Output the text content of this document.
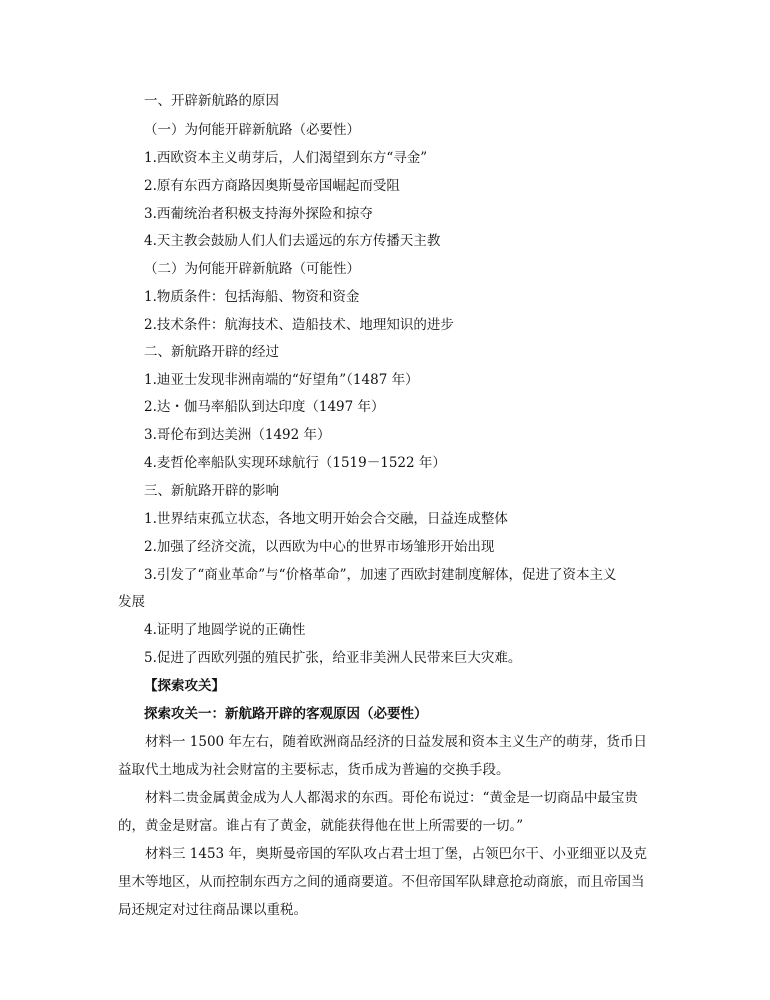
一、开辟新航路的原因
（一）为何能开辟新航路（必要性）
1.西欧资本主义萌芽后，人们渴望到东方“寻金”
2.原有东西方商路因奥斯曼帝国崛起而受阻
3.西葡统治者积极支持海外探险和掠夺
4.天主教会鼓励人们人们去遥远的东方传播天主教
（二）为何能开辟新航路（可能性）
1.物质条件：包括海船、物资和资金
2.技术条件：航海技术、造船技术、地理知识的进步
二、新航路开辟的经过
1.迪亚士发现非洲南端的“好望角”（1487 年）
2.达・伽马率船队到达印度（1497 年）
3.哥伦布到达美洲（1492 年）
4.麦哲伦率船队实现环球航行（1519－1522 年）
三、新航路开辟的影响
1.世界结束孤立状态，各地文明开始会合交融，日益连成整体
2.加强了经济交流，以西欧为中心的世界市场雏形开始出现
3.引发了“商业革命”与“价格革命”，加速了西欧封建制度解体，促进了资本主义
发展
4.证明了地圆学说的正确性
5.促进了西欧列强的殖民扩张，给亚非美洲人民带来巨大灾难。
【探索攻关】
探索攻关一：新航路开辟的客观原因（必要性）
材料一 1500 年左右，随着欧洲商品经济的日益发展和资本主义生产的萌芽，货币日益取代土地成为社会财富的主要标志，货币成为普遍的交换手段。
材料二贵金属黄金成为人人都渴求的东西。哥伦布说过：“黄金是一切商品中最宝贵的，黄金是财富。谁占有了黄金，就能获得他在世上所需要的一切。”
材料三 1453 年，奥斯曼帝国的军队攻占君士坦丁堡，占领巴尔干、小亚细亚以及克里木等地区，从而控制东西方之间的通商要道。不但帝国军队肆意抢动商旅，而且帝国当局还规定对过往商品课以重税。
